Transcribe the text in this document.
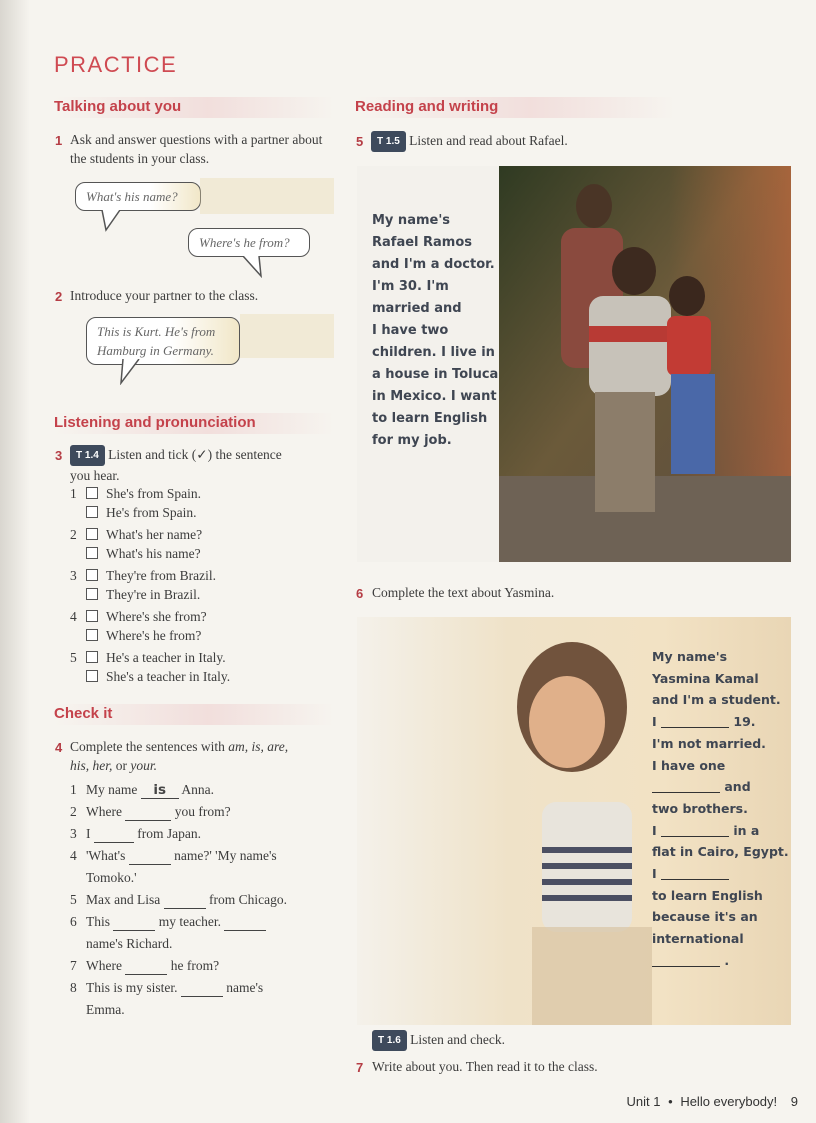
PRACTICE
Talking about you
1 Ask and answer questions with a partner about the students in your class.
What's his name?
Where's he from?
2 Introduce your partner to the class.
This is Kurt. He's from Hamburg in Germany.
Listening and pronunciation
3	T 1.4 Listen and tick (✓) the sentence
you hear.
1 She's from Spain.
He's from Spain.
2 What's her name?
What's his name?
3 They're from Brazil.
They're in Brazil.
4 Where's she from?
Where's he from?
5 He's a teacher in Italy.
She's a teacher in Italy.
Check it
4 Complete the sentences with am, is, are,
his, her, or your.
1 My name is Anna.
2 Where	you from?
3 I	from Japan.
4 'What's	name?' 'My name's
Tomoko.'
5 Max and Lisa	from Chicago.
6 This	my teacher.
name's Richard.
7 Where	he from?
8 This is my sister.	name's
Emma.
Reading and writing
5	T 1.5 Listen and read about Rafael.
My name's
Rafael Ramos
and I'm a doctor.
I'm 30. I'm
married and
I have two
children. I live in
a house in Toluca
in Mexico. I want
to learn English
for my job.
6 Complete the text about Yasmina.
My name's
Yasmina Kamal
and I'm a student.
I	19.
I'm not married.
I have one
and
two brothers.
I	in a
flat in Cairo, Egypt.
I
to learn English
because it's an
international
.
T 1.6 Listen and check.
7 Write about you. Then read it to the class.
Unit 1 • Hello everybody! 9
